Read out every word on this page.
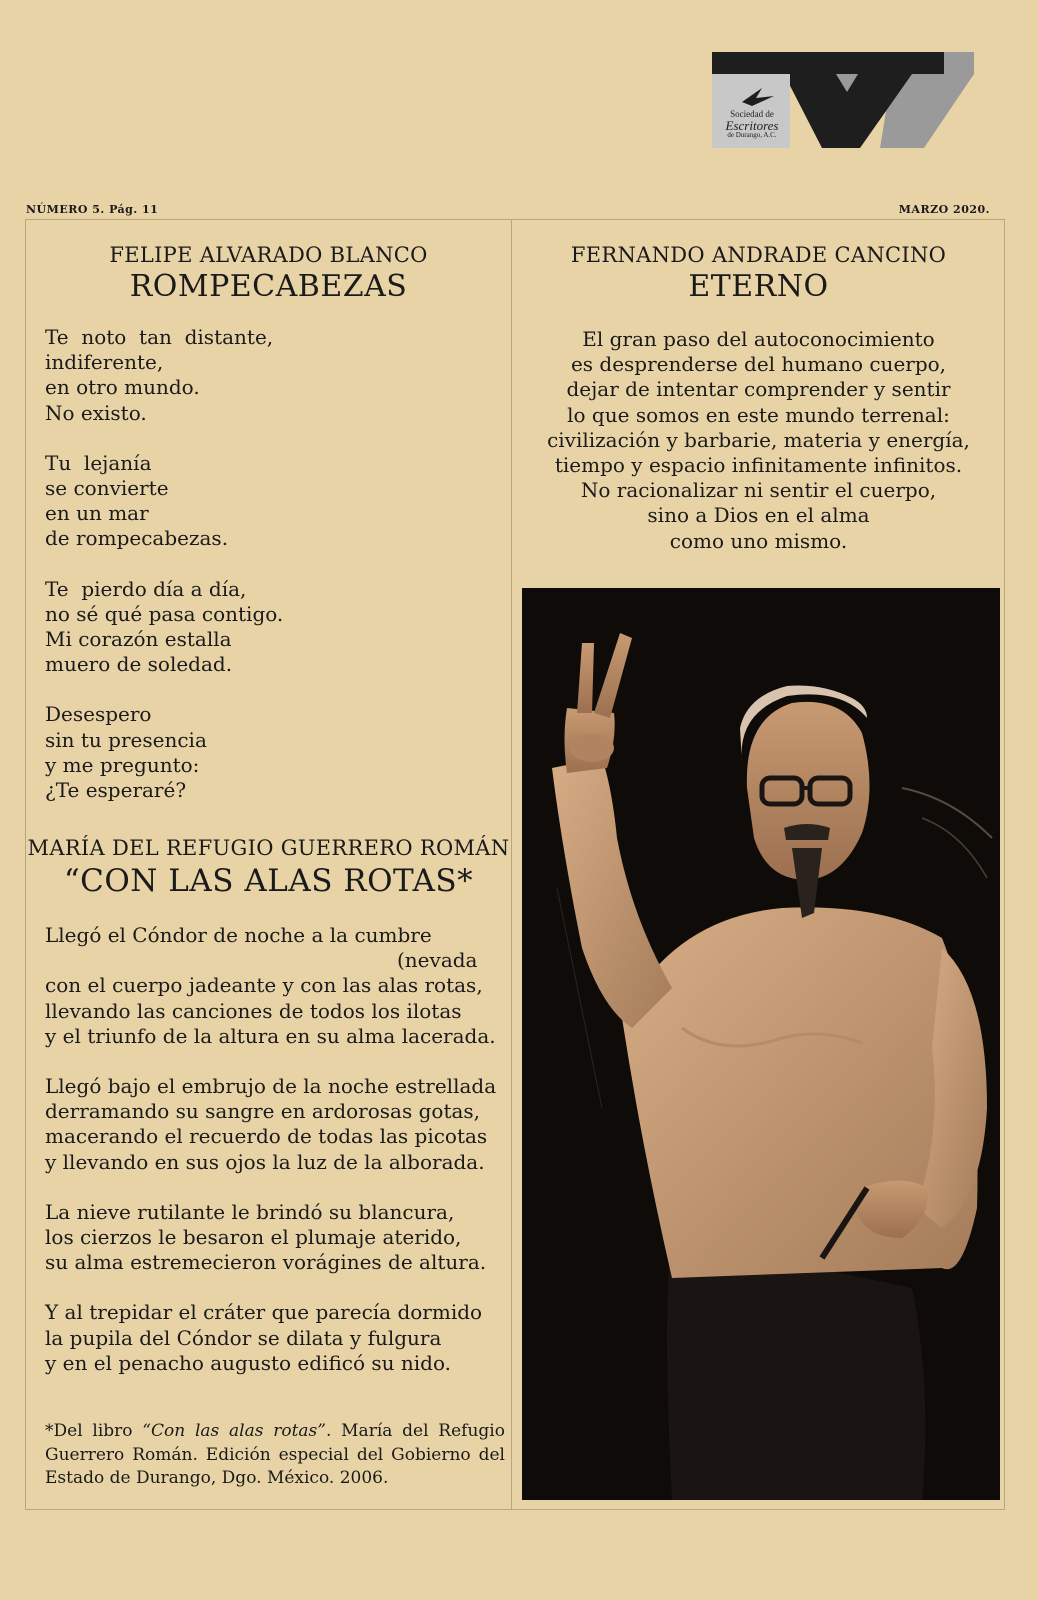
Sociedad de
Escritores
de Durango, A.C.
NÚMERO 5. Pág. 11	MARZO 2020.

FELIPE ALVARADO BLANCO

ROMPECABEZAS

Te  noto  tan  distante,
indiferente,
en otro mundo.
No existo.
Tu  lejanía
se convierte
en un mar
de rompecabezas.
Te  pierdo día a día,
no sé qué pasa contigo.
Mi corazón estalla
muero de soledad.
Desespero
sin tu presencia
y me pregunto:
¿Te esperaré?

MARÍA DEL REFUGIO GUERRERO ROMÁN

“CON LAS ALAS ROTAS*

Llegó el Cóndor de noche a la cumbre
(nevada
con el cuerpo jadeante y con las alas rotas,
llevando las canciones de todos los ilotas
y el triunfo de la altura en su alma lacerada.
Llegó bajo el embrujo de la noche estrellada
derramando su sangre en ardorosas gotas,
macerando el recuerdo de todas las picotas
y llevando en sus ojos la luz de la alborada.
La nieve rutilante le brindó su blancura,
los cierzos le besaron el plumaje aterido,
su alma estremecieron vorágines de altura.
Y al trepidar el cráter que parecía dormido
la pupila del Cóndor se dilata y fulgura
y en el penacho augusto edificó su nido.
*Del libro “Con las alas rotas”. María del Refugio Guerrero Román. Edición especial del Gobierno del Estado de Durango, Dgo. México. 2006.

FERNANDO ANDRADE CANCINO

ETERNO

El gran paso del autoconocimiento
es desprenderse del humano cuerpo,
dejar de intentar comprender y sentir
lo que somos en este mundo terrenal:
civilización y barbarie, materia y energía,
tiempo y espacio infinitamente infinitos.
No racionalizar ni sentir el cuerpo,
sino a Dios en el alma
como uno mismo.
